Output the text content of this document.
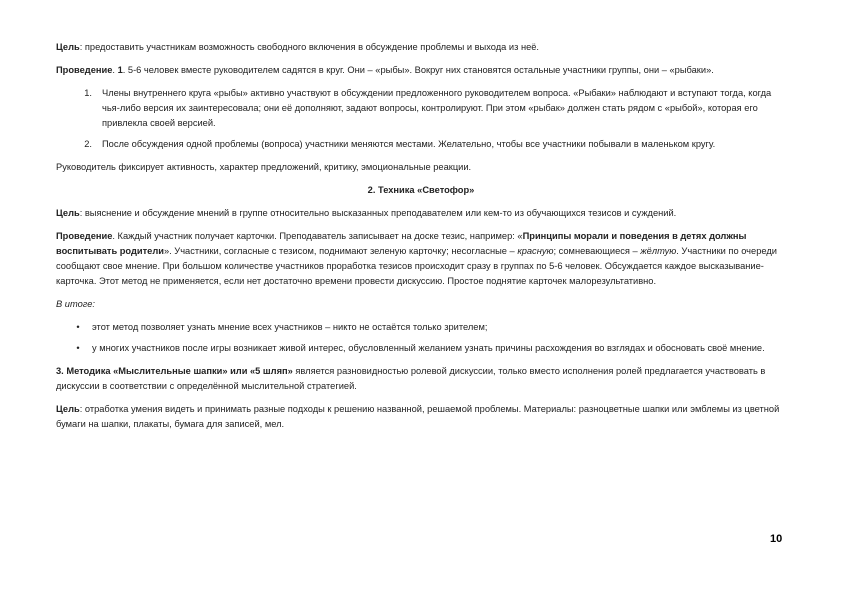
Цель: предоставить участникам возможность свободного включения в обсуждение проблемы и выхода из неё.

Проведение. 1. 5-6 человек вместе руководителем садятся в круг. Они – «рыбы». Вокруг них становятся остальные участники группы, они – «рыбаки».

1.	Члены внутреннего круга «рыбы» активно участвуют в обсуждении предложенного руководителем вопроса. «Рыбаки» наблюдают и вступают тогда, когда чья-либо версия их заинтересовала; они её дополняют, задают вопросы, контролируют. При этом «рыбак» должен стать рядом с «рыбой», которая его привлекла своей версией.
2.	После обсуждения одной проблемы (вопроса) участники меняются местами. Желательно, чтобы все участники побывали в маленьком кругу.

Руководитель фиксирует активность, характер предложений, критику, эмоциональные реакции.

2. Техника «Светофор»

Цель: выяснение и обсуждение мнений в группе относительно высказанных преподавателем или кем-то из обучающихся тезисов и суждений.

Проведение. Каждый участник получает карточки. Преподаватель записывает на доске тезис, например: «Принципы морали и поведения в детях должны воспитывать родители». Участники, согласные с тезисом, поднимают зеленую карточку; несогласные – красную; сомневающиеся – жёлтую. Участники по очереди сообщают свое мнение. При большом количестве участников проработка тезисов происходит сразу в группах по 5-6 человек. Обсуждается каждое высказывание-карточка. Этот метод не применяется, если нет достаточно времени провести дискуссию. Простое поднятие карточек малорезультативно.

В итоге:

•	этот метод позволяет узнать мнение всех участников – никто не остаётся только зрителем;
•	у многих участников после игры возникает живой интерес, обусловленный желанием узнать причины расхождения во взглядах и обосновать своё мнение.

3. Методика «Мыслительные шапки» или «5 шляп» является разновидностью ролевой дискуссии, только вместо исполнения ролей предлагается участвовать в дискуссии в соответствии с определённой мыслительной стратегией.

Цель: отработка умения видеть и принимать разные подходы к решению названной, решаемой проблемы. Материалы: разноцветные шапки или эмблемы из цветной бумаги на шапки, плакаты, бумага для записей, мел.

10
